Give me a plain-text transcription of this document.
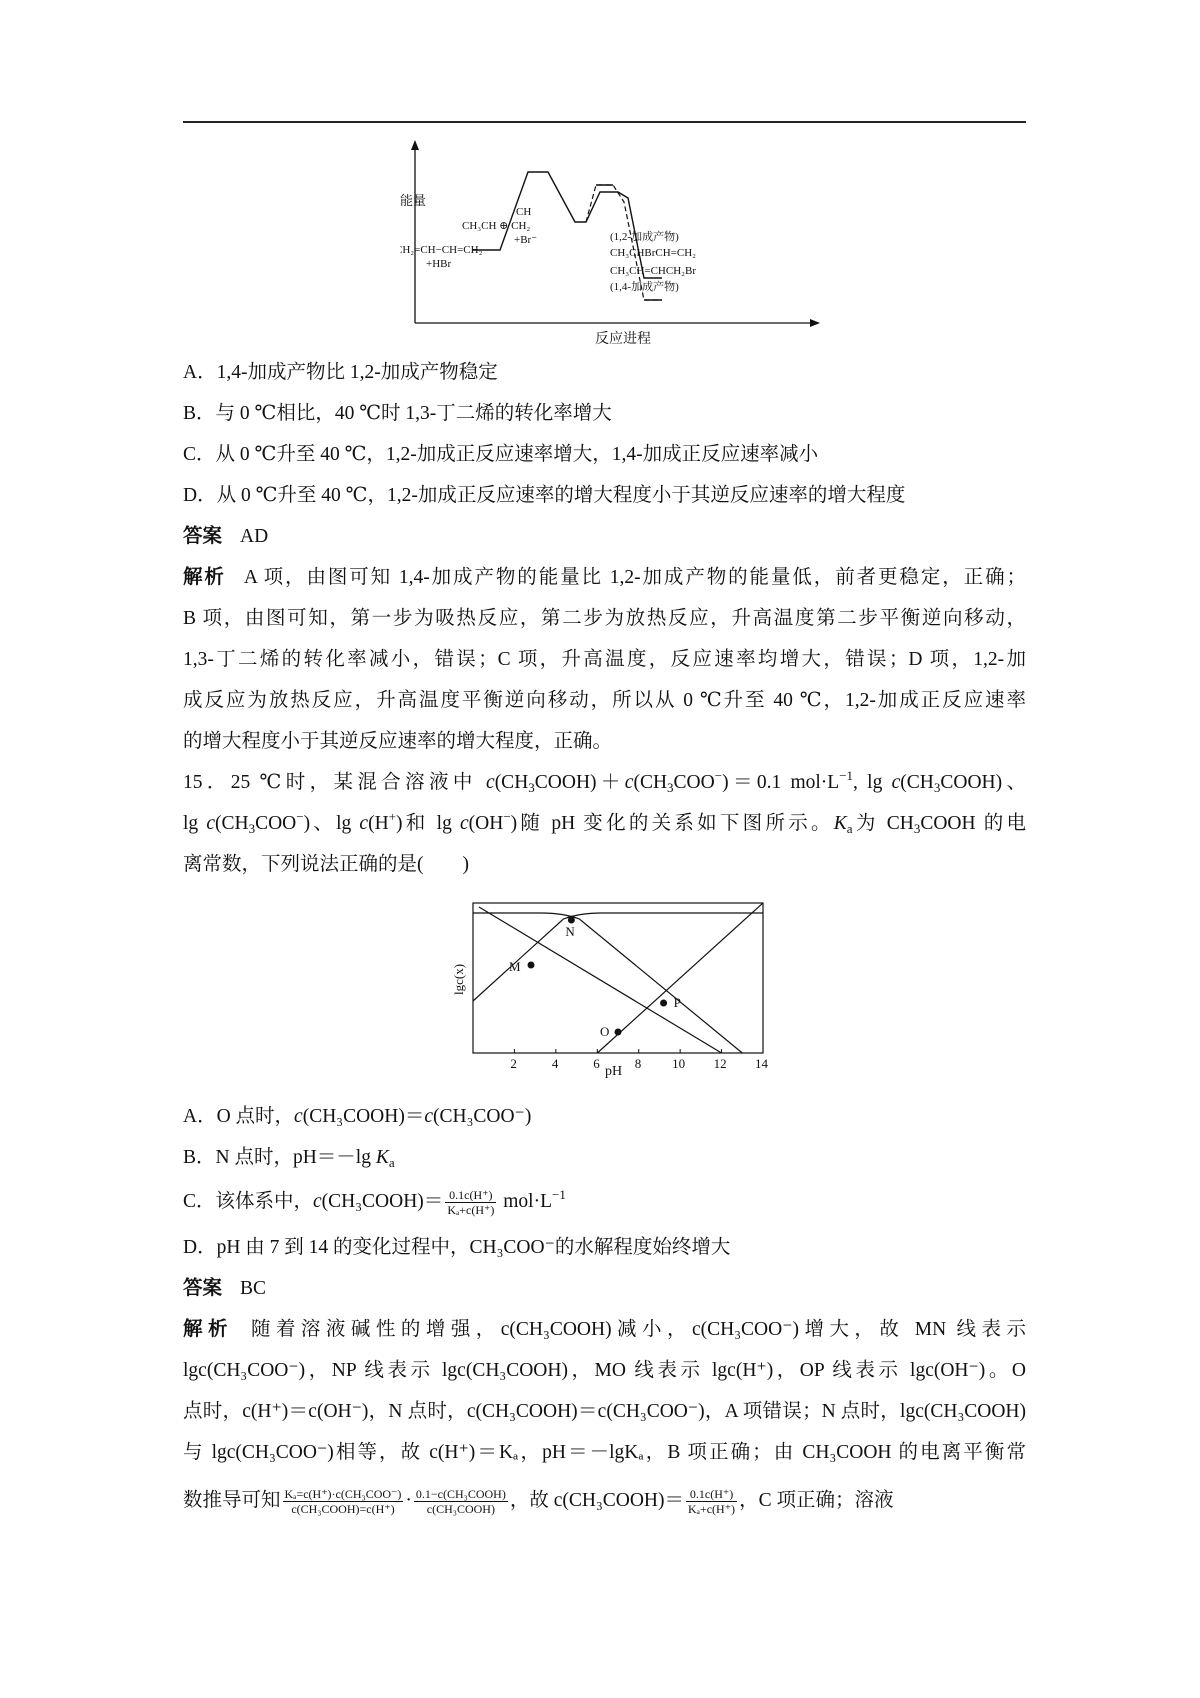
能量
反应进程
CH₂=CH−CH=CH₂
+HBr
CH
CH₃CH ⊕ CH₂
+Br⁻	(1,2-加成产物)
CH₃CHBrCH=CH₂
CH₃CH=CHCH₂Br
(1,4-加成产物)
A．1,4-加成产物比 1,2-加成产物稳定
B．与 0 ℃相比，40 ℃时 1,3-丁二烯的转化率增大
C．从 0 ℃升至 40 ℃，1,2-加成正反应速率增大，1,4-加成正反应速率减小
D．从 0 ℃升至 40 ℃，1,2-加成正反应速率的增大程度小于其逆反应速率的增大程度
答案 AD
解析 A 项，由图可知 1,4-加成产物的能量比 1,2-加成产物的能量低，前者更稳定，正确；
B 项，由图可知，第一步为吸热反应，第二步为放热反应，升高温度第二步平衡逆向移动，
1,3-丁二烯的转化率减小，错误；C 项，升高温度，反应速率均增大，错误；D 项，1,2-加
成反应为放热反应，升高温度平衡逆向移动，所以从 0 ℃升至 40 ℃，1,2-加成正反应速率
的增大程度小于其逆反应速率的增大程度，正确。
15．25 ℃时，某混合溶液中 $c(CH_3COOH)+c(CH_3COO^-)=0.1$ $mol\cdot L^{-1}$, $\lg c(CH_3COOH)$、
$\lg c(CH_3COO^-)$、lg c(H+)和 lg c(OH−)随 pH 变化的关系如下图所示。$K_a$为 $CH_3COOH$ 的电
离常数，下列说法正确的是(　　)
lgc(x)
pH
2	4	6	8 10 12 14
M
N
O
P
A．O 点时，c(CH₃COOH)＝c(CH₃COO⁻)
B．N 点时，pH＝－lg $K_a$
C．该体系中，c(CH₃COOH)＝ $\frac{0.1c(H^+)}{\text{Kₐ+c(H⁺)}} mol\cdot L^{-1}$
D．pH 由 7 到 14 的变化过程中，CH₃COO⁻的水解程度始终增大
答案 BC
解析 随着溶液碱性的增强，c(CH₃COOH)减小，c(CH₃COO⁻)增大，故 MN 线表示
lgc(CH₃COO⁻)，NP 线表示 lgc(CH₃COOH)，MO 线表示 lgc(H⁺)，OP 线表示 lgc(OH⁻)。O
点时，c(H⁺)＝c(OH⁻)，N 点时，c(CH₃COOH)＝c(CH₃COO⁻)，A 项错误；N 点时，lgc(CH₃COOH)
与 lgc(CH₃COO⁻)相等，故 c(H⁺)＝Kₐ，pH＝－lgKₐ，B 项正确；由 CH₃COOH 的电离平衡常
数推导可知 $\frac{\text{Kₐ=c(H⁺)·c(CH₃COO⁻)}}{\text{c(CH₃COOH)=c(H⁺)}} \cdot \frac{\text{0.1−c(CH₃COOH)}}{\text{c(CH₃COOH)}}$ ，故 c(CH₃COOH)＝ $\frac{0.1c(H^+)}{\text{Kₐ+c(H⁺)}}$ ，C 项正确；溶液
